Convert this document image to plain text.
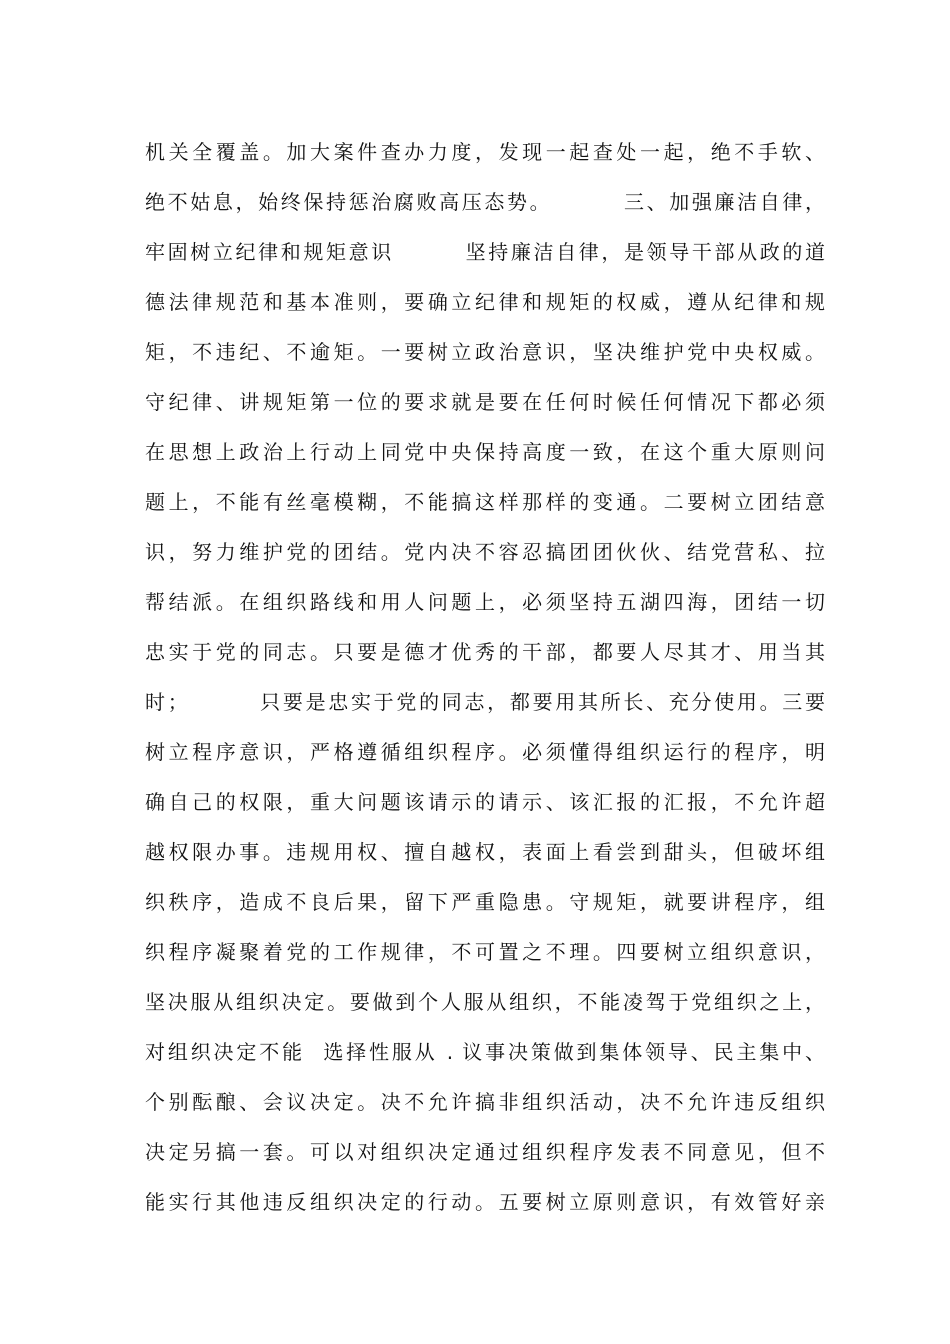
机关全覆盖。加大案件查办力度，发现一起查处一起，绝不手软、
绝不姑息，始终保持惩治腐败高压态势。        三、加强廉洁自律，
牢固树立纪律和规矩意识        坚持廉洁自律，是领导干部从政的道
德法律规范和基本准则，要确立纪律和规矩的权威，遵从纪律和规
矩，不违纪、不逾矩。一要树立政治意识，坚决维护党中央权威。
守纪律、讲规矩第一位的要求就是要在任何时候任何情况下都必须
在思想上政治上行动上同党中央保持高度一致，在这个重大原则问
题上，不能有丝毫模糊，不能搞这样那样的变通。二要树立团结意
识，努力维护党的团结。党内决不容忍搞团团伙伙、结党营私、拉
帮结派。在组织路线和用人问题上，必须坚持五湖四海，团结一切
忠实于党的同志。只要是德才优秀的干部，都要人尽其才、用当其
时；        只要是忠实于党的同志，都要用其所长、充分使用。三要
树立程序意识，严格遵循组织程序。必须懂得组织运行的程序，明
确自己的权限，重大问题该请示的请示、该汇报的汇报，不允许超
越权限办事。违规用权、擅自越权，表面上看尝到甜头，但破坏组
织秩序，造成不良后果，留下严重隐患。守规矩，就要讲程序，组
织程序凝聚着党的工作规律，不可置之不理。四要树立组织意识，
坚决服从组织决定。要做到个人服从组织，不能凌驾于党组织之上，
对组织决定不能  选择性服从 . 议事决策做到集体领导、民主集中、
个别酝酿、会议决定。决不允许搞非组织活动，决不允许违反组织
决定另搞一套。可以对组织决定通过组织程序发表不同意见，但不
能实行其他违反组织决定的行动。五要树立原则意识，有效管好亲
